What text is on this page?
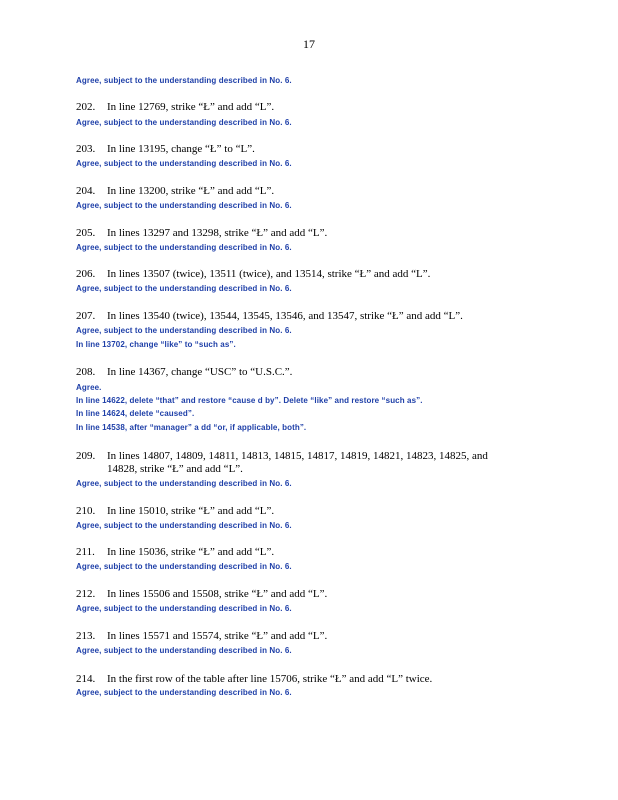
17
Agree, subject to the understanding described in No. 6.
202. In line 12769, strike “Ł” and add “L”.
Agree, subject to the understanding described in No. 6.
203. In line 13195, change “Ł” to “L”.
Agree, subject to the understanding described in No. 6.
204. In line 13200, strike “Ł” and add “L”.
Agree, subject to the understanding described in No. 6.
205. In lines 13297 and 13298, strike “Ł” and add “L”.
Agree, subject to the understanding described in No. 6.
206. In lines 13507 (twice), 13511 (twice), and 13514, strike “Ł” and add “L”.
Agree, subject to the understanding described in No. 6.
207. In lines 13540 (twice), 13544, 13545, 13546, and 13547, strike “Ł” and add “L”.
Agree, subject to the understanding described in No. 6.
In line 13702, change “like” to “such as”.
208. In line 14367, change “USC” to “U.S.C.”.
Agree.
In line 14622, delete “that” and restore “cause d by”. Delete “like” and restore “such as”.
In line 14624, delete “caused”.
In line 14538, after “manager” a dd “or, if applicable, both”.
209. In lines 14807, 14809, 14811, 14813, 14815, 14817, 14819, 14821, 14823, 14825, and
14828, strike “Ł” and add “L”.
Agree, subject to the understanding described in No. 6.
210. In line 15010, strike “Ł” and add “L”.
Agree, subject to the understanding described in No. 6.
211. In line 15036, strike “Ł” and add “L”.
Agree, subject to the understanding described in No. 6.
212. In lines 15506 and 15508, strike “Ł” and add “L”.
Agree, subject to the understanding described in No. 6.
213. In lines 15571 and 15574, strike “Ł” and add “L”.
Agree, subject to the understanding described in No. 6.
214. In the first row of the table after line 15706, strike “Ł” and add “L” twice.
Agree, subject to the understanding described in No. 6.
